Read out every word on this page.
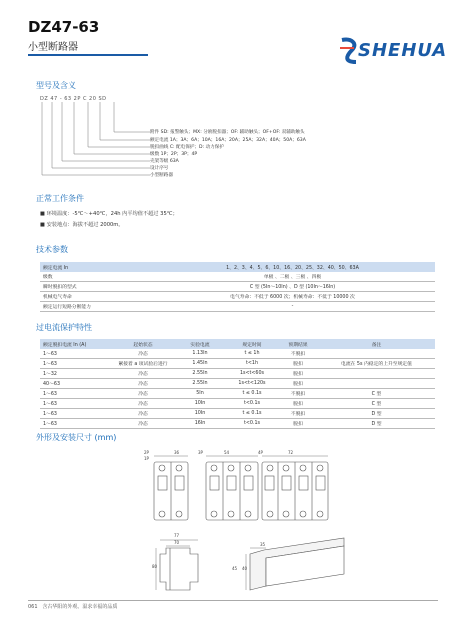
DZ47-63
小型断路器	SHEHUA
型号及含义
DZ 47 - 63 2P C 20 SD
附件 SD: 报警触头；MX: 分励脱扣器；OF: 辅助触头；OF+OF: 双辅助触头
额定电流 1A；3A；6A；10A；16A；20A；25A；32A；40A；50A；63A
脱扣曲线 C: 配电保护；D: 动力保护
级数 1P；2P；3P；4P
壳架等级 63A
设计序号
小型断路器
正常工作条件
■ 环境温度：-5℃～+40℃，24h 内平均值不超过 35℃；
■ 安装地点：海拔不超过 2000m。
技术参数
额定电流 In	1、2、3、4、5、6、10、16、20、25、32、40、50、63A
级数	单极 、二极 、三极 、四极
瞬时脱扣的型式	C 型 (5In～10In) 、D 型 (10In～16In)
机械电气寿命	电气寿命：不低于 6000 次；机械寿命：不低于 10000 次
额定运行短路分断能力	-
过电流保护特性
额定脱扣电流 In (A)	起始状态	实验电流	规定时间	预期结果	备注
1～63	冷态	1.13In	t ≤ 1h	不脱扣	
1～63	紧接着 a 项试验后进行	1.45In	t<1h	脱扣	电流在 5s 内稳定的上升至规定值
1～32	冷态	2.55In	1s<t<60s	脱扣	
40～63	冷态	2.55In	1s<t<120s	脱扣	
1～63	冷态	5In	t ≤ 0.1s	不脱扣	C 型
1～63	冷态	10In	t<0.1s	脱扣	C 型
1～63	冷态	10In	t ≤ 0.1s	不脱扣	D 型
1～63	冷态	16In	t<0.1s	脱扣	D 型
外形及安装尺寸 (mm)
2P
1P
36	3P	54	4P	72
77
70
80
35
45 40
061 含古华阳的外观、温求幸福的品质
